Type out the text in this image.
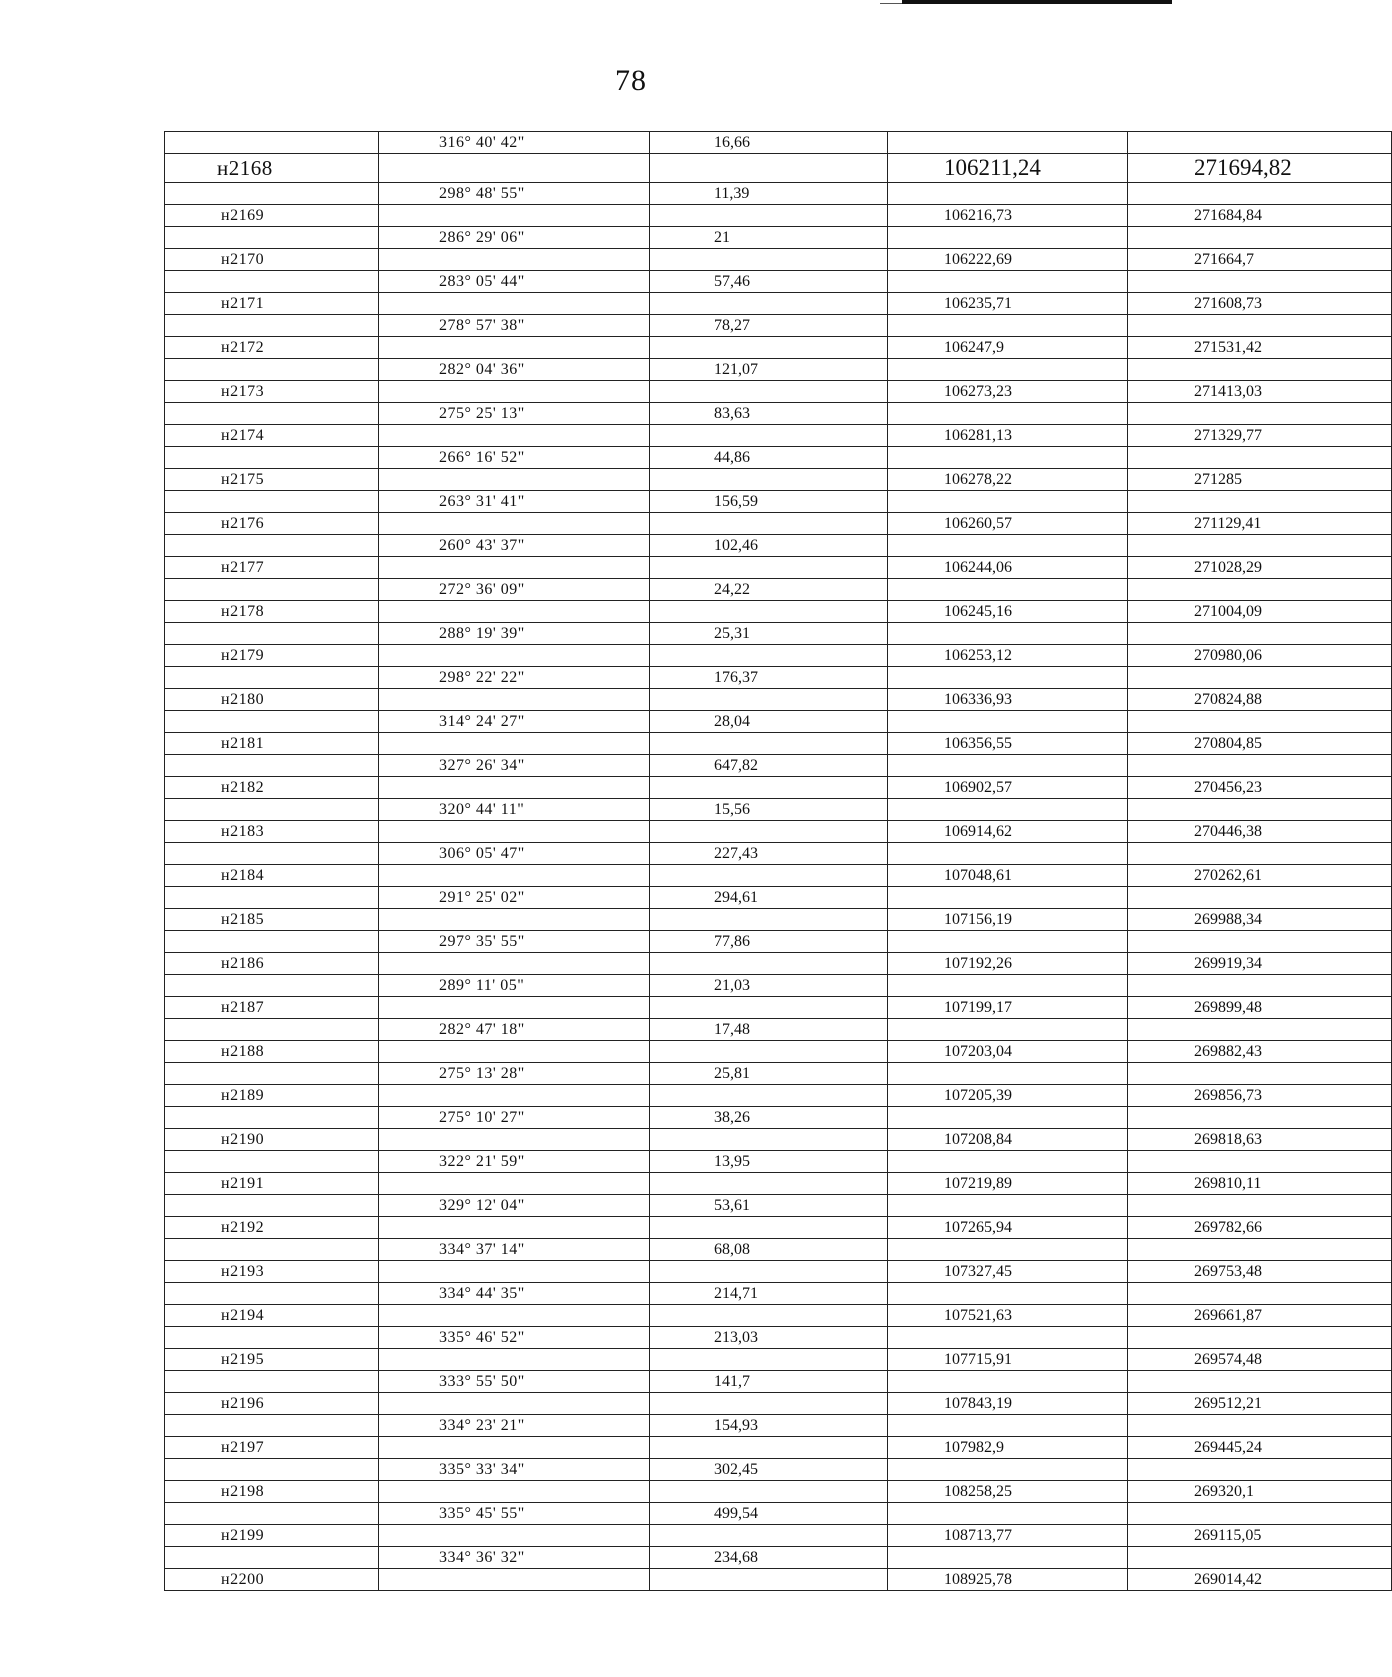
78
	316° 40' 42"	16,66		
н2168			106211,24	271694,82
	298° 48' 55"	11,39		
н2169			106216,73	271684,84
	286° 29' 06"	21		
н2170			106222,69	271664,7
	283° 05' 44"	57,46		
н2171			106235,71	271608,73
	278° 57' 38"	78,27		
н2172			106247,9	271531,42
	282° 04' 36"	121,07		
н2173			106273,23	271413,03
	275° 25' 13"	83,63		
н2174			106281,13	271329,77
	266° 16' 52"	44,86		
н2175			106278,22	271285
	263° 31' 41"	156,59		
н2176			106260,57	271129,41
	260° 43' 37"	102,46		
н2177			106244,06	271028,29
	272° 36' 09"	24,22		
н2178			106245,16	271004,09
	288° 19' 39"	25,31		
н2179			106253,12	270980,06
	298° 22' 22"	176,37		
н2180			106336,93	270824,88
	314° 24' 27"	28,04		
н2181			106356,55	270804,85
	327° 26' 34"	647,82		
н2182			106902,57	270456,23
	320° 44' 11"	15,56		
н2183			106914,62	270446,38
	306° 05' 47"	227,43		
н2184			107048,61	270262,61
	291° 25' 02"	294,61		
н2185			107156,19	269988,34
	297° 35' 55"	77,86		
н2186			107192,26	269919,34
	289° 11' 05"	21,03		
н2187			107199,17	269899,48
	282° 47' 18"	17,48		
н2188			107203,04	269882,43
	275° 13' 28"	25,81		
н2189			107205,39	269856,73
	275° 10' 27"	38,26		
н2190			107208,84	269818,63
	322° 21' 59"	13,95		
н2191			107219,89	269810,11
	329° 12' 04"	53,61		
н2192			107265,94	269782,66
	334° 37' 14"	68,08		
н2193			107327,45	269753,48
	334° 44' 35"	214,71		
н2194			107521,63	269661,87
	335° 46' 52"	213,03		
н2195			107715,91	269574,48
	333° 55' 50"	141,7		
н2196			107843,19	269512,21
	334° 23' 21"	154,93		
н2197			107982,9	269445,24
	335° 33' 34"	302,45		
н2198			108258,25	269320,1
	335° 45' 55"	499,54		
н2199			108713,77	269115,05
	334° 36' 32"	234,68		
н2200			108925,78	269014,42
